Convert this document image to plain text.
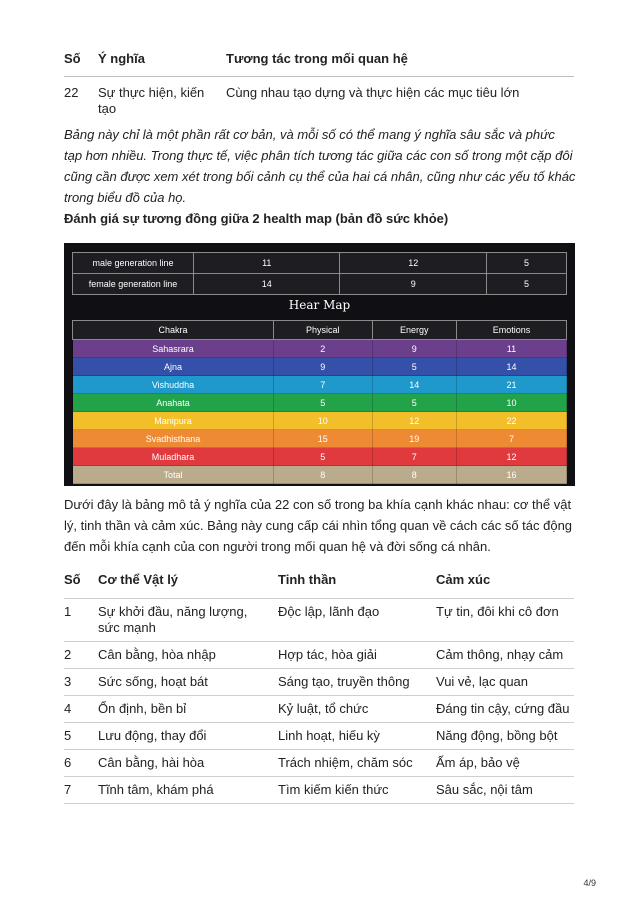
Số	Ý nghĩa	Tương tác trong mối quan hệ
22	Sự thực hiện, kiến tạo	Cùng nhau tạo dựng và thực hiện các mục tiêu lớn
Bảng này chỉ là một phần rất cơ bản, và mỗi số có thể mang ý nghĩa sâu sắc và phức tạp hơn nhiều. Trong thực tế, việc phân tích tương tác giữa các con số trong một cặp đôi cũng cần được xem xét trong bối cảnh cụ thể của hai cá nhân, cũng như các yếu tố khác trong biểu đồ của họ.
Đánh giá sự tương đồng giữa 2 health map (bản đồ sức khỏe)
male generation line	11	12	5
female generation line	14	9	5
Hear Map
Chakra	Physical	Energy	Emotions
Sahasrara	2	9	11
Ajna	9	5	14
Vishuddha	7	14	21
Anahata	5	5	10
Manipura	10	12	22
Svadhisthana	15	19	7
Muladhara	5	7	12
Total	8	8	16
Dưới đây là bảng mô tả ý nghĩa của 22 con số trong ba khía cạnh khác nhau: cơ thể vật lý, tinh thần và cảm xúc. Bảng này cung cấp cái nhìn tổng quan về cách các số tác động đến mỗi khía cạnh của con người trong mối quan hệ và đời sống cá nhân.
Số	Cơ thể Vật lý	Tinh thần	Cảm xúc
1	Sự khởi đầu, năng lượng, sức mạnh	Độc lập, lãnh đạo	Tự tin, đôi khi cô đơn
2	Cân bằng, hòa nhập	Hợp tác, hòa giải	Cảm thông, nhạy cảm
3	Sức sống, hoạt bát	Sáng tạo, truyền thông	Vui vẻ, lạc quan
4	Ổn định, bền bỉ	Kỷ luật, tổ chức	Đáng tin cậy, cứng đầu
5	Lưu động, thay đổi	Linh hoạt, hiếu kỳ	Năng động, bồng bột
6	Cân bằng, hài hòa	Trách nhiệm, chăm sóc	Ấm áp, bảo vệ
7	Tĩnh tâm, khám phá	Tìm kiếm kiến thức	Sâu sắc, nội tâm
4/9
